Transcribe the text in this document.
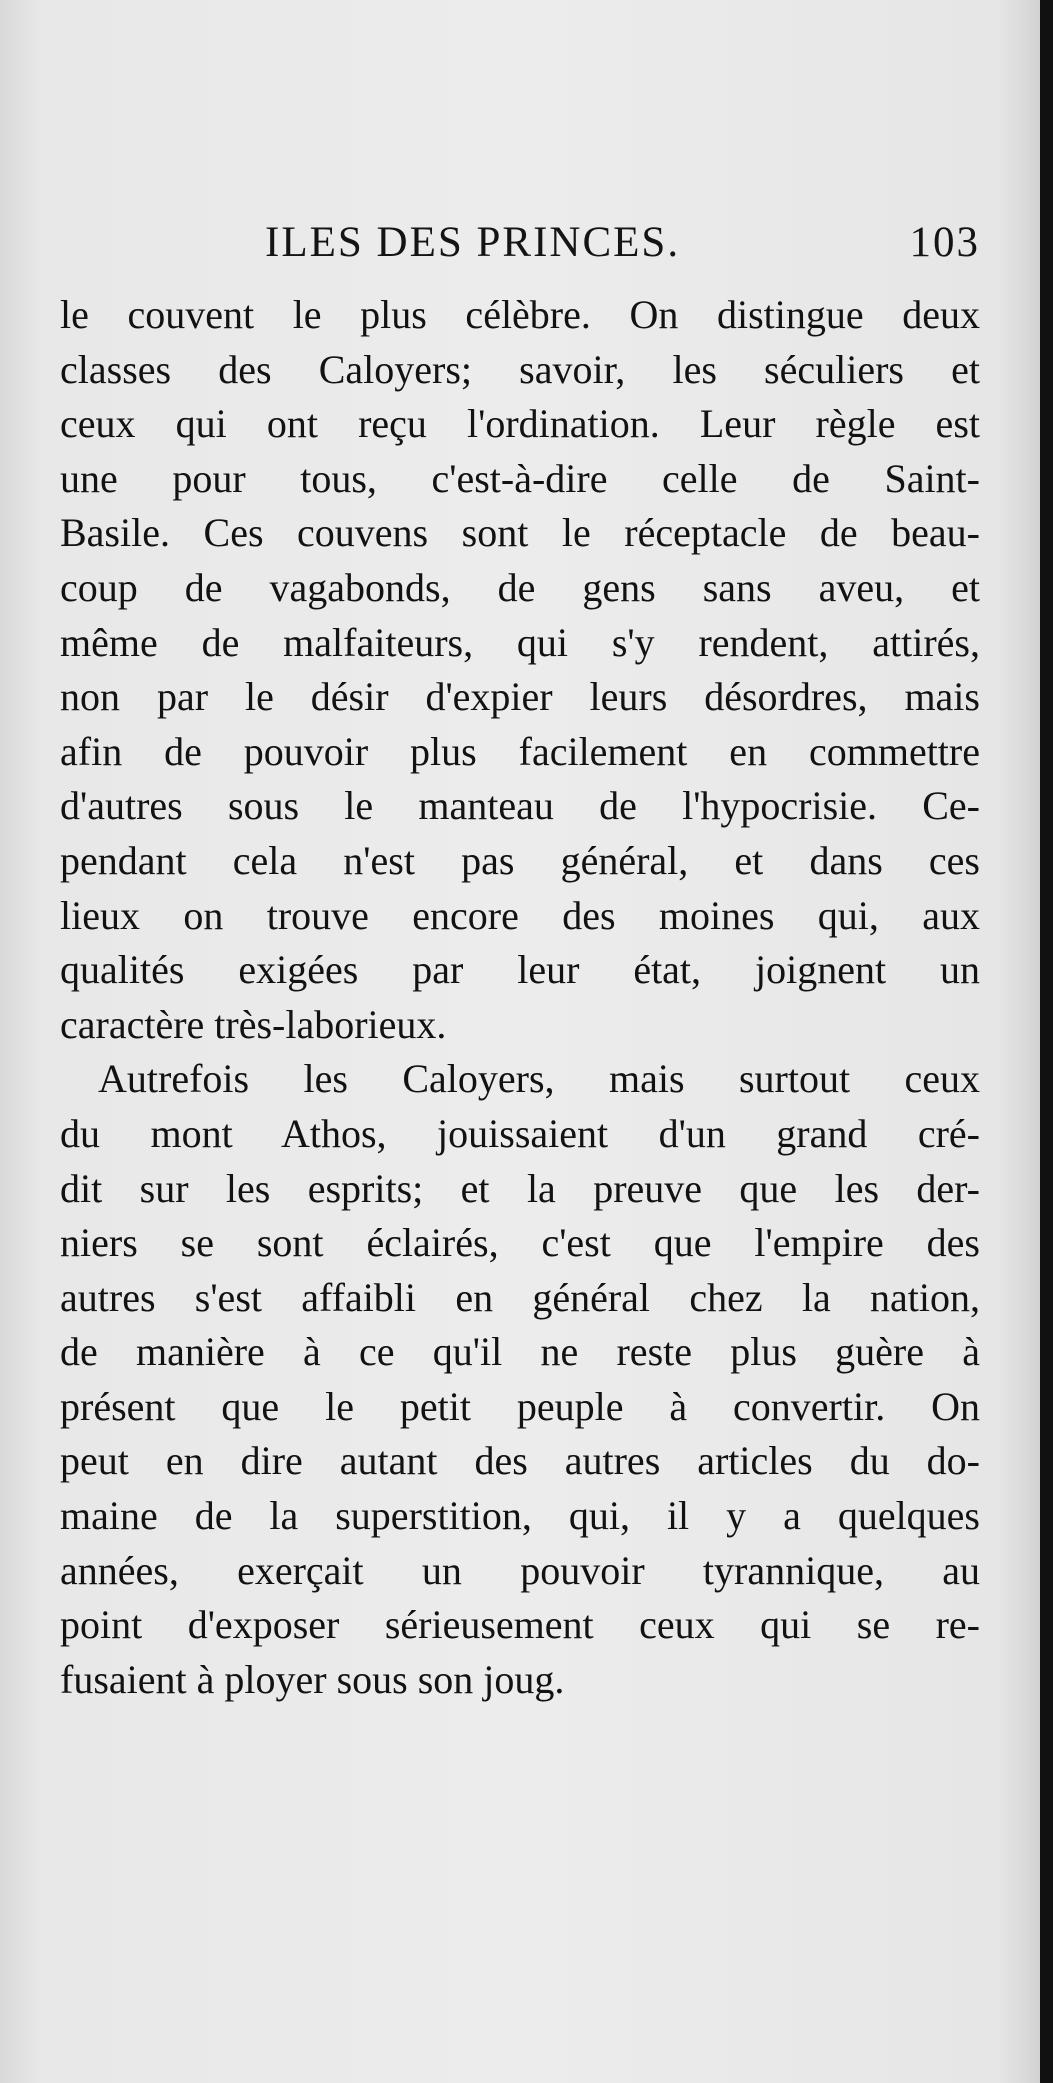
ILES DES PRINCES.	103
le couvent le plus célèbre. On distingue deux
classes des Caloyers; savoir, les séculiers et
ceux qui ont reçu l'ordination. Leur règle est
une pour tous, c'est-à-dire celle de Saint-
Basile. Ces couvens sont le réceptacle de beau-
coup de vagabonds, de gens sans aveu, et
même de malfaiteurs, qui s'y rendent, attirés,
non par le désir d'expier leurs désordres, mais
afin de pouvoir plus facilement en commettre
d'autres sous le manteau de l'hypocrisie. Ce-
pendant cela n'est pas général, et dans ces
lieux on trouve encore des moines qui, aux
qualités exigées par leur état, joignent un
caractère très-laborieux.
Autrefois les Caloyers, mais surtout ceux
du mont Athos, jouissaient d'un grand cré-
dit sur les esprits; et la preuve que les der-
niers se sont éclairés, c'est que l'empire des
autres s'est affaibli en général chez la nation,
de manière à ce qu'il ne reste plus guère à
présent que le petit peuple à convertir. On
peut en dire autant des autres articles du do-
maine de la superstition, qui, il y a quelques
années, exerçait un pouvoir tyrannique, au
point d'exposer sérieusement ceux qui se re-
fusaient à ployer sous son joug.
